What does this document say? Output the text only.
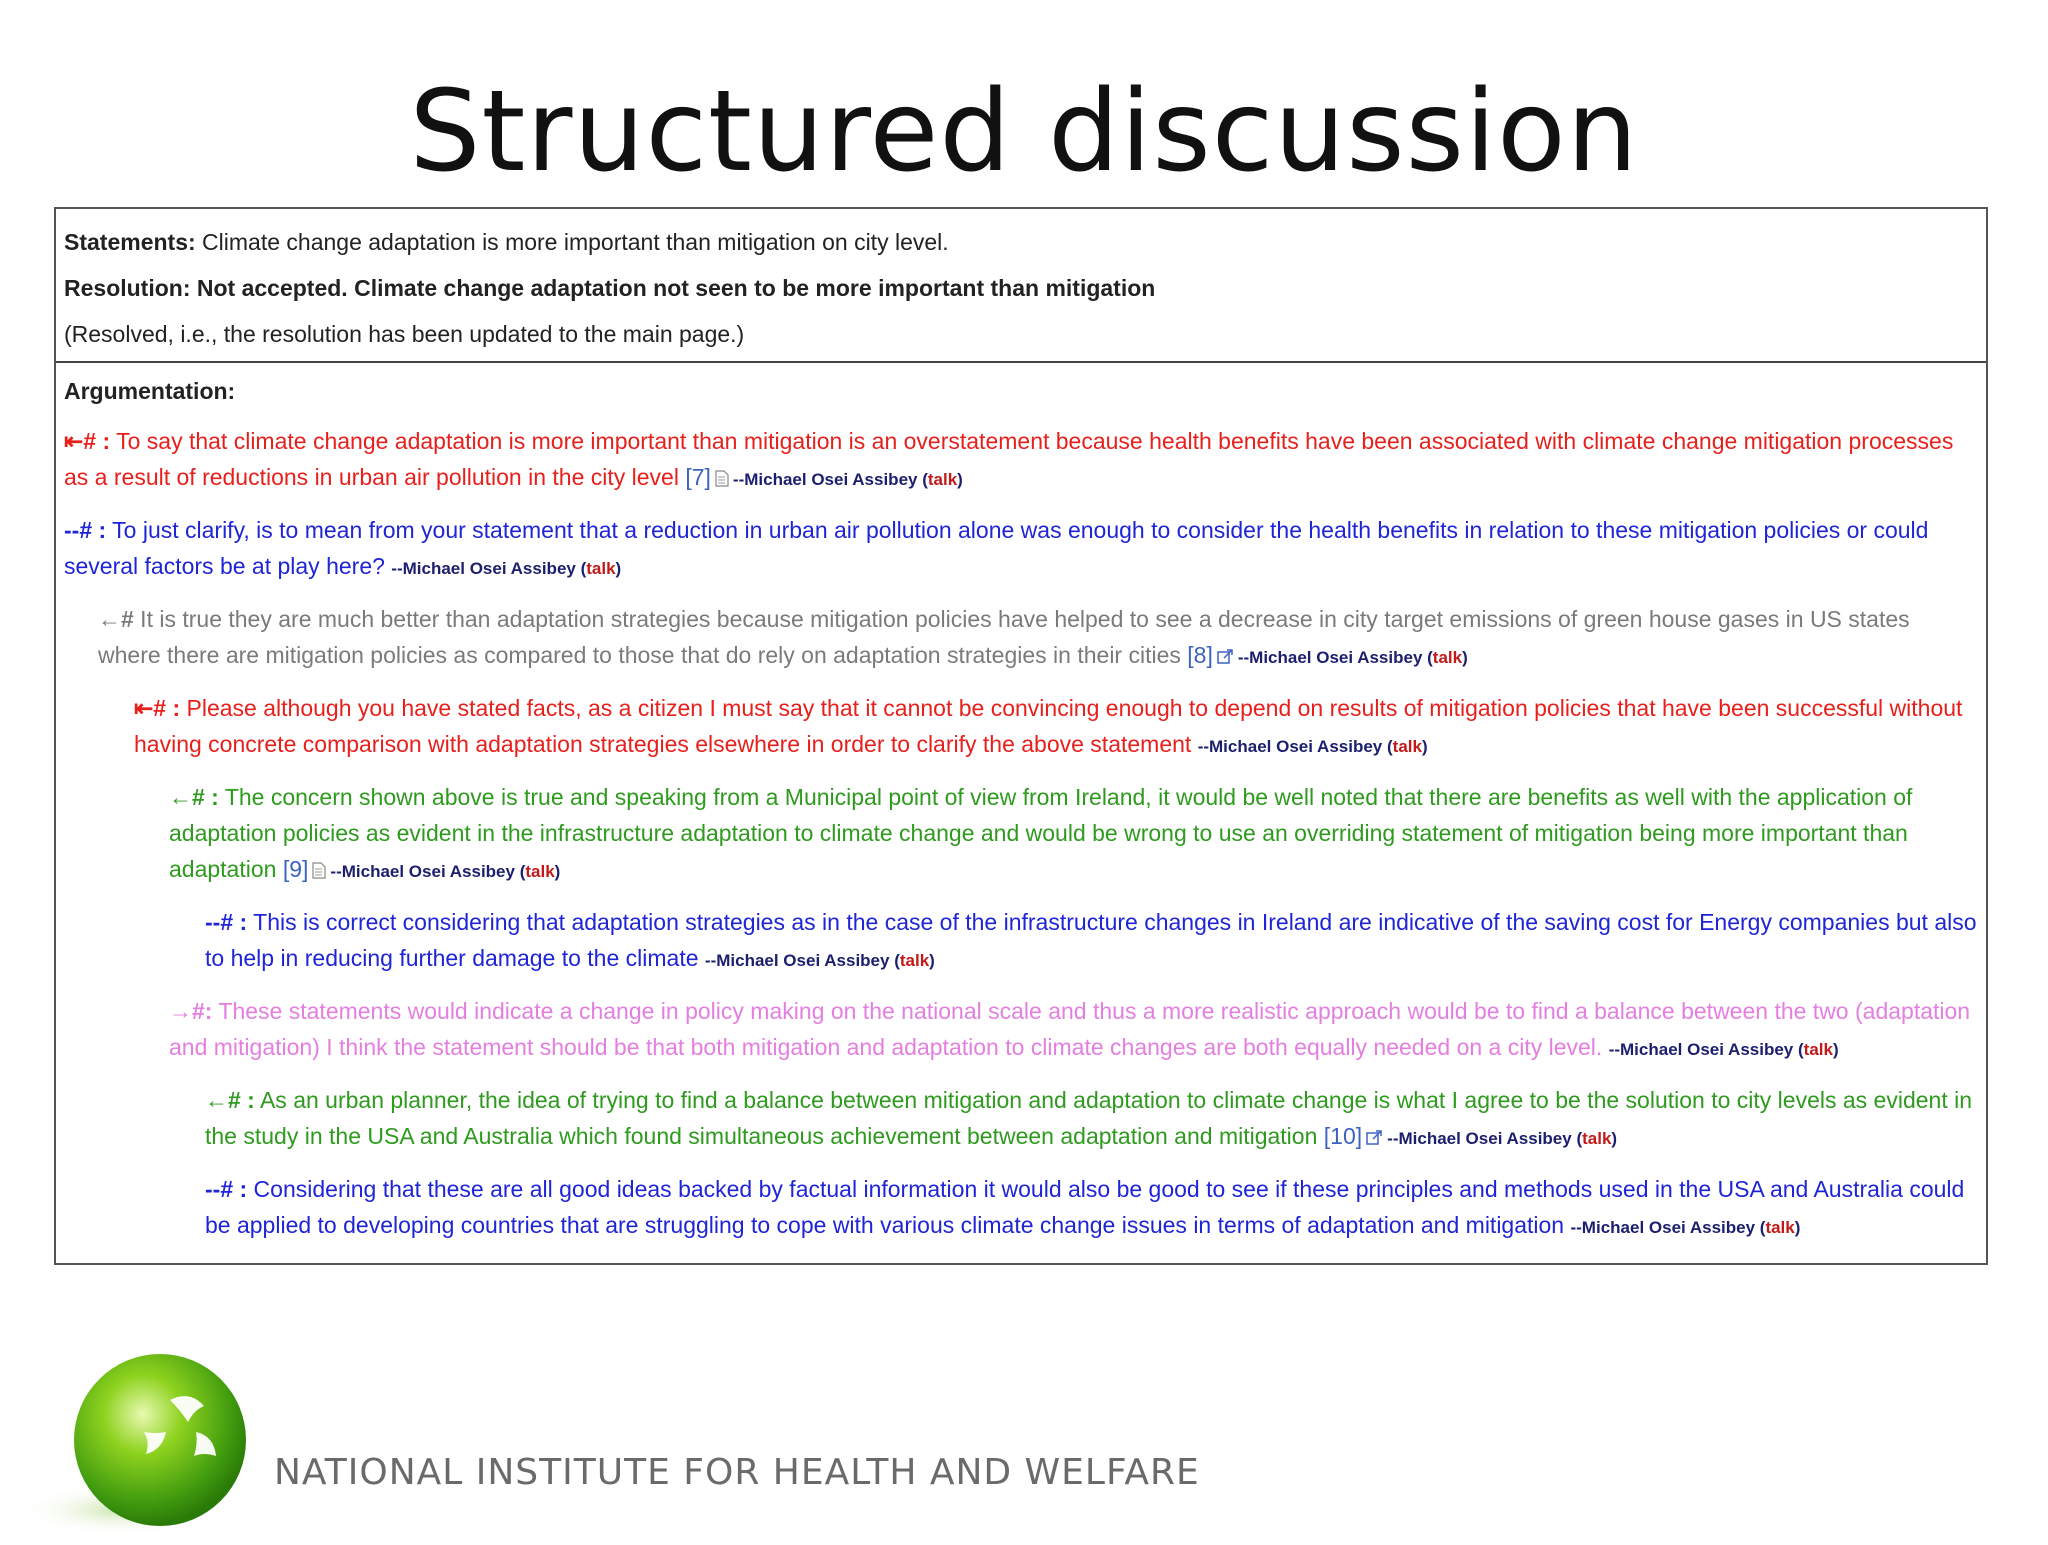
Structured discussion
Statements: Climate change adaptation is more important than mitigation on city level.
Resolution: Not accepted. Climate change adaptation not seen to be more important than mitigation
(Resolved, i.e., the resolution has been updated to the main page.)
Argumentation:
⇤# : To say that climate change adaptation is more important than mitigation is an overstatement because health benefits have been associated with climate change mitigation processes as a result of reductions in urban air pollution in the city level [7] --Michael Osei Assibey (talk)
--# : To just clarify, is to mean from your statement that a reduction in urban air pollution alone was enough to consider the health benefits in relation to these mitigation policies or could several factors be at play here? --Michael Osei Assibey (talk)
←# It is true they are much better than adaptation strategies because mitigation policies have helped to see a decrease in city target emissions of green house gases in US states where there are mitigation policies as compared to those that do rely on adaptation strategies in their cities [8] --Michael Osei Assibey (talk)
⇤# : Please although you have stated facts, as a citizen I must say that it cannot be convincing enough to depend on results of mitigation policies that have been successful without having concrete comparison with adaptation strategies elsewhere in order to clarify the above statement --Michael Osei Assibey (talk)
←# : The concern shown above is true and speaking from a Municipal point of view from Ireland, it would be well noted that there are benefits as well with the application of adaptation policies as evident in the infrastructure adaptation to climate change and would be wrong to use an overriding statement of mitigation being more important than adaptation [9] --Michael Osei Assibey (talk)
--# : This is correct considering that adaptation strategies as in the case of the infrastructure changes in Ireland are indicative of the saving cost for Energy companies but also to help in reducing further damage to the climate --Michael Osei Assibey (talk)
→#: These statements would indicate a change in policy making on the national scale and thus a more realistic approach would be to find a balance between the two (adaptation and mitigation) I think the statement should be that both mitigation and adaptation to climate changes are both equally needed on a city level. --Michael Osei Assibey (talk)
←# : As an urban planner, the idea of trying to find a balance between mitigation and adaptation to climate change is what I agree to be the solution to city levels as evident in the study in the USA and Australia which found simultaneous achievement between adaptation and mitigation [10] --Michael Osei Assibey (talk)
--# : Considering that these are all good ideas backed by factual information it would also be good to see if these principles and methods used in the USA and Australia could be applied to developing countries that are struggling to cope with various climate change issues in terms of adaptation and mitigation --Michael Osei Assibey (talk)
NATIONAL INSTITUTE FOR HEALTH AND WELFARE
